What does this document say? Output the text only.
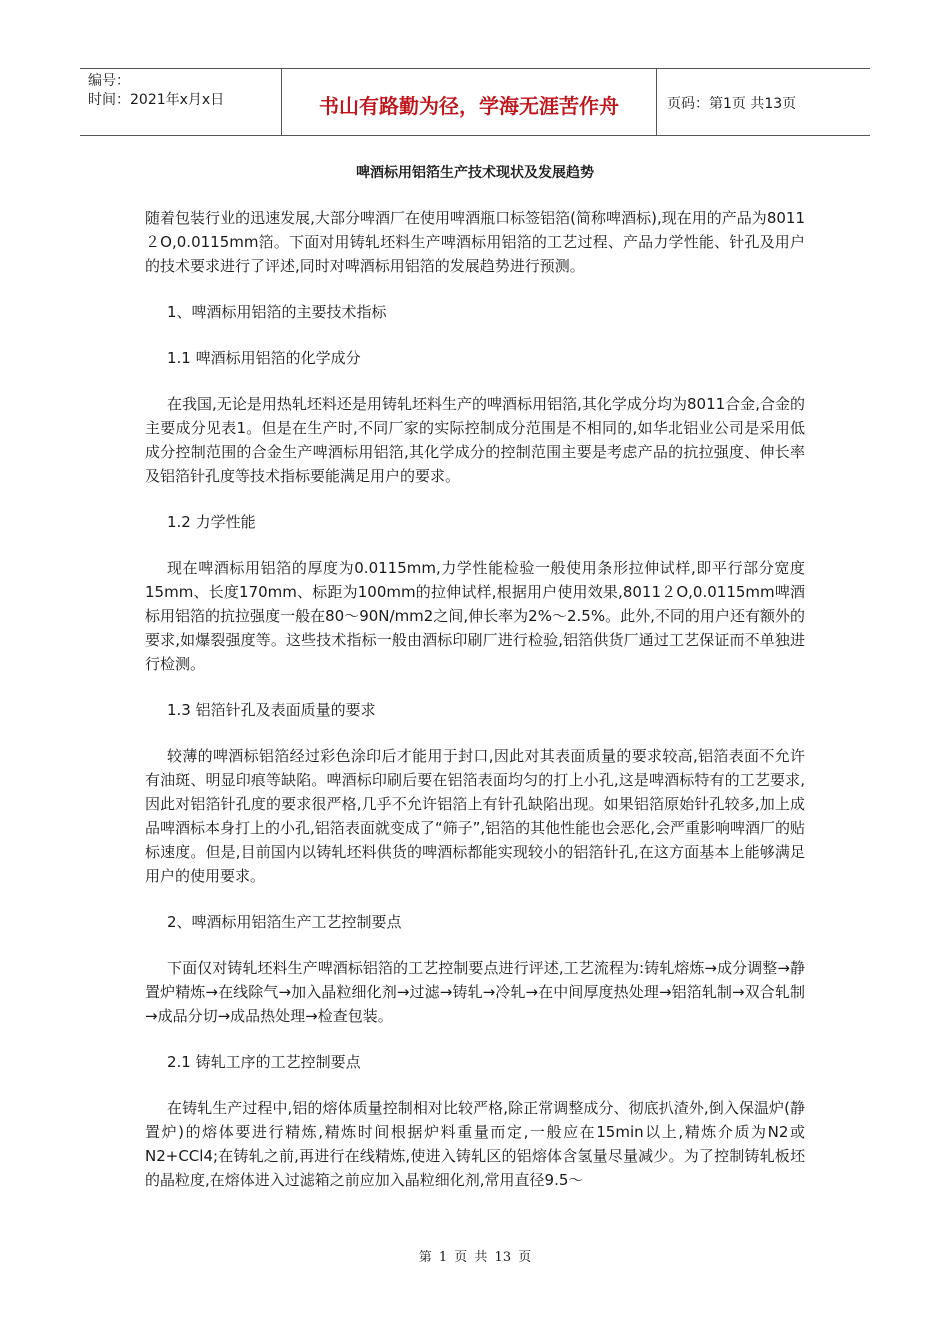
编号：
时间：2021年x月x日	书山有路勤为径，学海无涯苦作舟	页码：第1页 共13页
啤酒标用铝箔生产技术现状及发展趋势

随着包装行业的迅速发展,大部分啤酒厂在使用啤酒瓶口标签铝箔(简称啤酒标),现在用的产品为8011２O,0.0115mm箔。下面对用铸轧坯料生产啤酒标用铝箔的工艺过程、产品力学性能、针孔及用户的技术要求进行了评述,同时对啤酒标用铝箔的发展趋势进行预测。

1、啤酒标用铝箔的主要技术指标
1.1 啤酒标用铝箔的化学成分

在我国,无论是用热轧坯料还是用铸轧坯料生产的啤酒标用铝箔,其化学成分均为8011合金,合金的主要成分见表1。但是在生产时,不同厂家的实际控制成分范围是不相同的,如华北铝业公司是采用低成分控制范围的合金生产啤酒标用铝箔,其化学成分的控制范围主要是考虑产品的抗拉强度、伸长率及铝箔针孔度等技术指标要能满足用户的要求。

1.2 力学性能

现在啤酒标用铝箔的厚度为0.0115mm,力学性能检验一般使用条形拉伸试样,即平行部分宽度15mm、长度170mm、标距为100mm的拉伸试样,根据用户使用效果,8011２O,0.0115mm啤酒标用铝箔的抗拉强度一般在80～90N/mm2之间,伸长率为2%～2.5%。此外,不同的用户还有额外的要求,如爆裂强度等。这些技术指标一般由酒标印刷厂进行检验,铝箔供货厂通过工艺保证而不单独进行检测。

1.3 铝箔针孔及表面质量的要求

较薄的啤酒标铝箔经过彩色涂印后才能用于封口,因此对其表面质量的要求较高,铝箔表面不允许有油斑、明显印痕等缺陷。啤酒标印刷后要在铝箔表面均匀的打上小孔,这是啤酒标特有的工艺要求,因此对铝箔针孔度的要求很严格,几乎不允许铝箔上有针孔缺陷出现。如果铝箔原始针孔较多,加上成品啤酒标本身打上的小孔,铝箔表面就变成了“筛子”,铝箔的其他性能也会恶化,会严重影响啤酒厂的贴标速度。但是,目前国内以铸轧坯料供货的啤酒标都能实现较小的铝箔针孔,在这方面基本上能够满足用户的使用要求。

2、啤酒标用铝箔生产工艺控制要点

下面仅对铸轧坯料生产啤酒标铝箔的工艺控制要点进行评述,工艺流程为:铸轧熔炼→成分调整→静置炉精炼→在线除气→加入晶粒细化剂→过滤→铸轧→冷轧→在中间厚度热处理→铝箔轧制→双合轧制→成品分切→成品热处理→检查包装。

2.1 铸轧工序的工艺控制要点

在铸轧生产过程中,铝的熔体质量控制相对比较严格,除正常调整成分、彻底扒渣外,倒入保温炉(静置炉)的熔体要进行精炼,精炼时间根据炉料重量而定,一般应在15min以上,精炼介质为N2或N2+CCl4;在铸轧之前,再进行在线精炼,使进入铸轧区的铝熔体含氢量尽量减少。为了控制铸轧板坯的晶粒度,在熔体进入过滤箱之前应加入晶粒细化剂,常用直径9.5～

第 1 页 共 13 页
